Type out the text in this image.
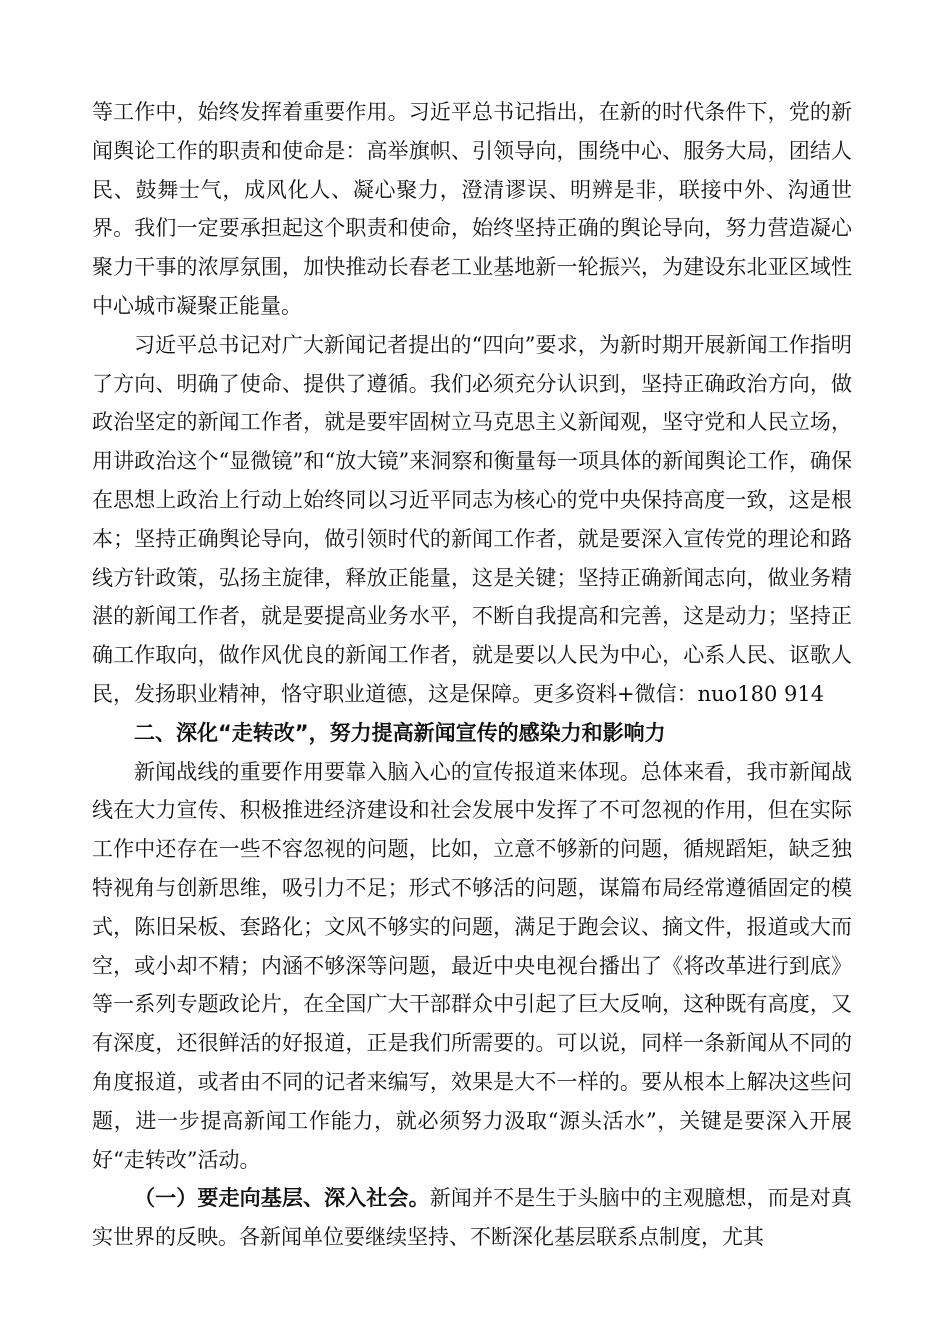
等工作中，始终发挥着重要作用。习近平总书记指出，在新的时代条件下，党的新闻舆论工作的职责和使命是：高举旗帜、引领导向，围绕中心、服务大局，团结人民、鼓舞士气，成风化人、凝心聚力，澄清谬误、明辨是非，联接中外、沟通世界。我们一定要承担起这个职责和使命，始终坚持正确的舆论导向，努力营造凝心聚力干事的浓厚氛围，加快推动长春老工业基地新一轮振兴，为建设东北亚区域性中心城市凝聚正能量。

习近平总书记对广大新闻记者提出的“四向”要求，为新时期开展新闻工作指明了方向、明确了使命、提供了遵循。我们必须充分认识到，坚持正确政治方向，做政治坚定的新闻工作者，就是要牢固树立马克思主义新闻观，坚守党和人民立场，用讲政治这个“显微镜”和“放大镜”来洞察和衡量每一项具体的新闻舆论工作，确保在思想上政治上行动上始终同以习近平同志为核心的党中央保持高度一致，这是根本；坚持正确舆论导向，做引领时代的新闻工作者，就是要深入宣传党的理论和路线方针政策，弘扬主旋律，释放正能量，这是关键；坚持正确新闻志向，做业务精湛的新闻工作者，就是要提高业务水平，不断自我提高和完善，这是动力；坚持正确工作取向，做作风优良的新闻工作者，就是要以人民为中心，心系人民、讴歌人民，发扬职业精神，恪守职业道德，这是保障。更多资料+微信：nuo180 914

二、深化“走转改”，努力提高新闻宣传的感染力和影响力

新闻战线的重要作用要靠入脑入心的宣传报道来体现。总体来看，我市新闻战线在大力宣传、积极推进经济建设和社会发展中发挥了不可忽视的作用，但在实际工作中还存在一些不容忽视的问题，比如，立意不够新的问题，循规蹈矩，缺乏独特视角与创新思维，吸引力不足；形式不够活的问题，谋篇布局经常遵循固定的模式，陈旧呆板、套路化；文风不够实的问题，满足于跑会议、摘文件，报道或大而空，或小却不精；内涵不够深等问题，最近中央电视台播出了《将改革进行到底》等一系列专题政论片，在全国广大干部群众中引起了巨大反响，这种既有高度，又有深度，还很鲜活的好报道，正是我们所需要的。可以说，同样一条新闻从不同的角度报道，或者由不同的记者来编写，效果是大不一样的。要从根本上解决这些问题，进一步提高新闻工作能力，就必须努力汲取“源头活水”，关键是要深入开展好“走转改”活动。

（一）要走向基层、深入社会。新闻并不是生于头脑中的主观臆想，而是对真实世界的反映。各新闻单位要继续坚持、不断深化基层联系点制度，尤其
